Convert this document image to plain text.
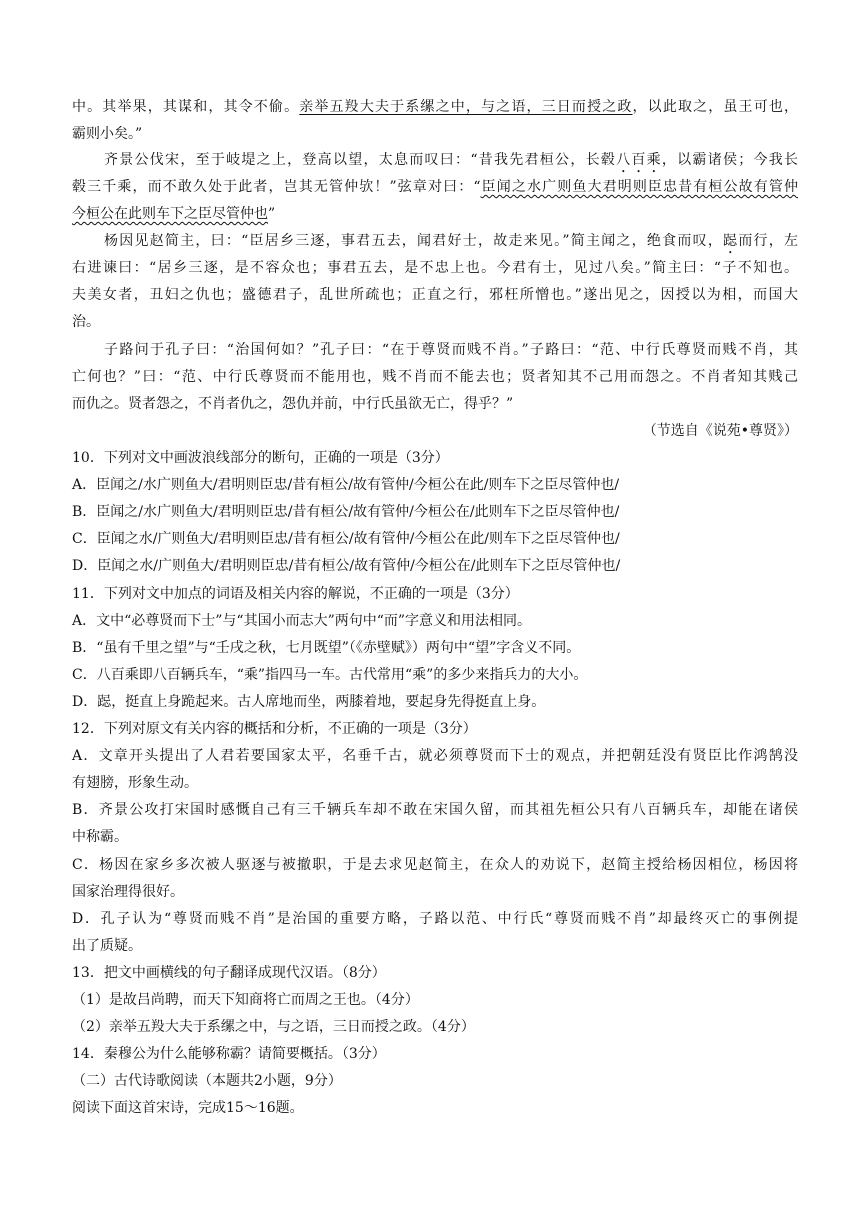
中。其举果，其谋和，其令不偷。亲举五羖大夫于系缧之中，与之语，三日而授之政，以此取之，虽王可也，
霸则小矣。”
齐景公伐宋，至于岐堤之上，登高以望，太息而叹曰：“昔我先君桓公，长毂八百乘，以霸诸侯；今我长
毂三千乘，而不敢久处于此者，岂其无管仲欤！”弦章对曰：“臣闻之水广则鱼大君明则臣忠昔有桓公故有管仲
今桓公在此则车下之臣尽管仲也”
杨因见赵简主，曰：“臣居乡三逐，事君五去，闻君好士，故走来见。”简主闻之，绝食而叹，跽而行，左
右进谏曰：“居乡三逐，是不容众也；事君五去，是不忠上也。今君有士，见过八矣。”简主曰：“子不知也。
夫美女者，丑妇之仇也；盛德君子，乱世所疏也；正直之行，邪枉所憎也。”遂出见之，因授以为相，而国大
治。
子路问于孔子曰：“治国何如？”孔子曰：“在于尊贤而贱不肖。”子路曰：“范、中行氏尊贤而贱不肖，其
亡何也？”曰：“范、中行氏尊贤而不能用也，贱不肖而不能去也；贤者知其不己用而怨之。不肖者知其贱己
而仇之。贤者怨之，不肖者仇之，怨仇并前，中行氏虽欲无亡，得乎？”
（节选自《说苑•尊贤》）
10．下列对文中画波浪线部分的断句，正确的一项是（3分）
A．臣闻之/水广则鱼大/君明则臣忠/昔有桓公/故有管仲/今桓公在此/则车下之臣尽管仲也/
B．臣闻之/水广则鱼大/君明则臣忠/昔有桓公/故有管仲/今桓公在/此则车下之臣尽管仲也/
C．臣闻之水/广则鱼大/君明则臣忠/昔有桓公/故有管仲/今桓公在此/则车下之臣尽管仲也/
D．臣闻之水/广则鱼大/君明则臣忠/昔有桓公/故有管仲/今桓公在/此则车下之臣尽管仲也/
11．下列对文中加点的词语及相关内容的解说，不正确的一项是（3分）
A．文中“必尊贤而下士”与“其国小而志大”两句中“而”字意义和用法相同。
B．“虽有千里之望”与“壬戌之秋，七月既望”（《赤壁赋》）两句中“望”字含义不同。
C．八百乘即八百辆兵车，“乘”指四马一车。古代常用“乘”的多少来指兵力的大小。
D．跽，挺直上身跪起来。古人席地而坐，两膝着地，要起身先得挺直上身。
12．下列对原文有关内容的概括和分析，不正确的一项是（3分）
A．文章开头提出了人君若要国家太平，名垂千古，就必须尊贤而下士的观点，并把朝廷没有贤臣比作鸿鹄没
有翅膀，形象生动。
B．齐景公攻打宋国时感慨自己有三千辆兵车却不敢在宋国久留，而其祖先桓公只有八百辆兵车，却能在诸侯
中称霸。
C．杨因在家乡多次被人驱逐与被撤职，于是去求见赵简主，在众人的劝说下，赵简主授给杨因相位，杨因将
国家治理得很好。
D．孔子认为“尊贤而贱不肖”是治国的重要方略，子路以范、中行氏“尊贤而贱不肖”却最终灭亡的事例提
出了质疑。
13．把文中画横线的句子翻译成现代汉语。（8分）
（1）是故吕尚聘，而天下知商将亡而周之王也。（4分）
（2）亲举五羖大夫于系缧之中，与之语，三日而授之政。（4分）
14．秦穆公为什么能够称霸？请简要概括。（3分）
（二）古代诗歌阅读（本题共2小题，9分）
阅读下面这首宋诗，完成15～16题。
